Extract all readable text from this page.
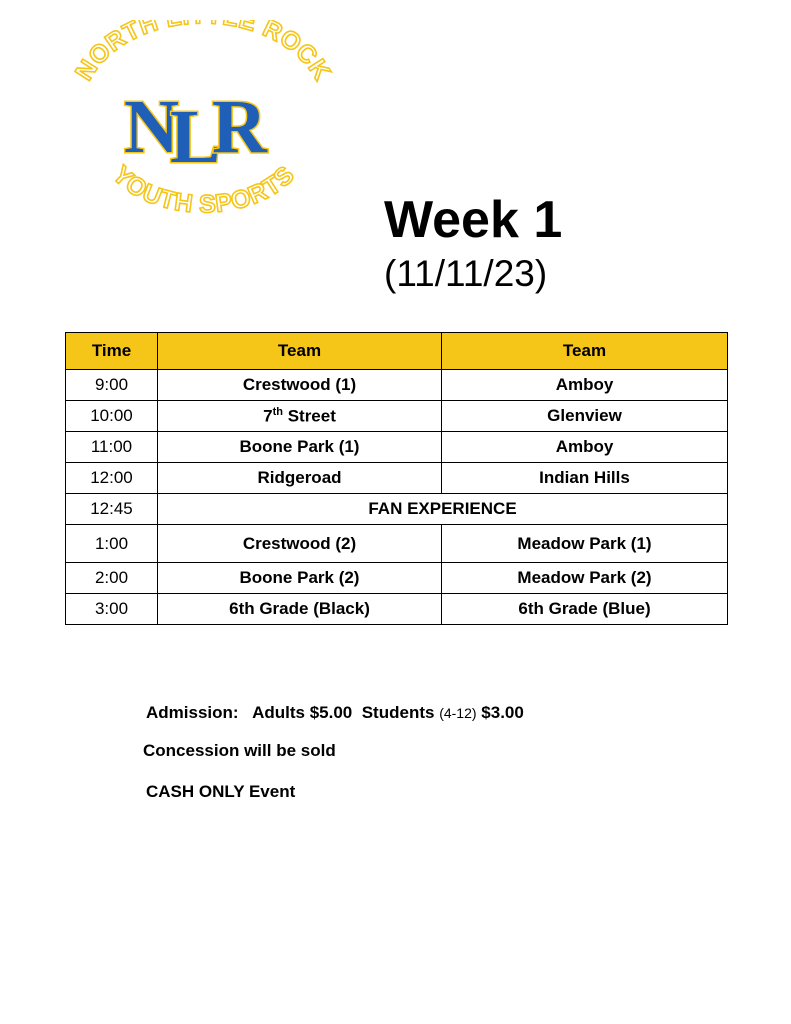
NORTH E ROCK
YOUTH SPORTS
N
L
R
Week 1
(11/11/23)
Time	Team	Team
9:00	Crestwood (1)	Amboy
10:00	7th Street	Glenview
11:00	Boone Park (1)	Amboy
12:00	Ridgeroad	Indian Hills
12:45	FAN EXPERIENCE	
1:00	Crestwood (2)	Meadow Park (1)
2:00	Boone Park (2)	Meadow Park (2)
3:00	6th Grade (Black)	6th Grade (Blue)
Admission: Adults $5.00 Students (4-12) $3.00
Concession will be sold
CASH ONLY Event
